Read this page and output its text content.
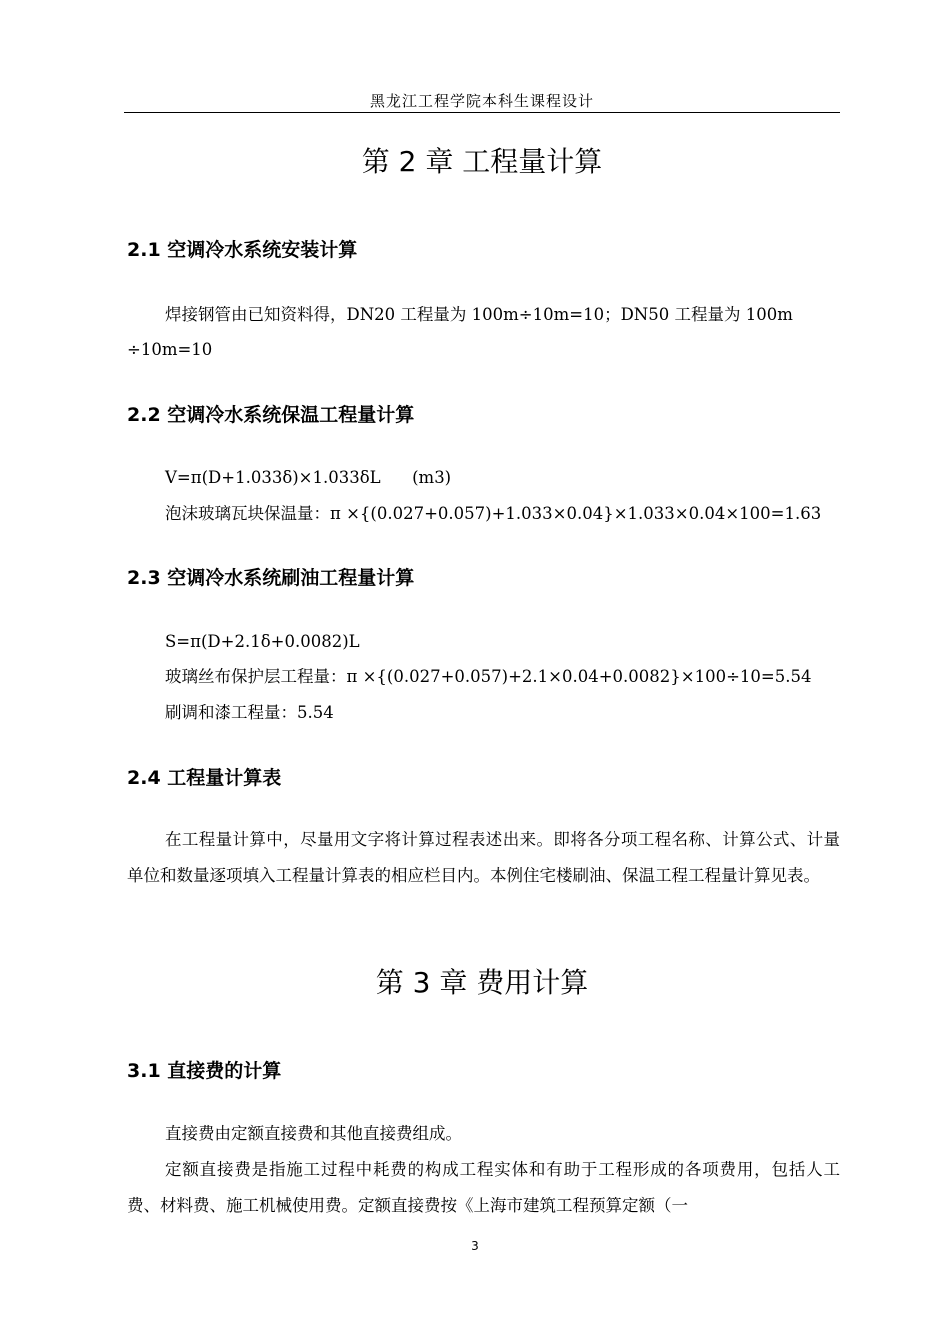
黑龙江工程学院本科生课程设计
第 2 章 工程量计算
2.1 空调冷水系统安装计算
焊接钢管由已知资料得，DN20 工程量为 100m÷10m=10；DN50 工程量为 100m
÷10m=10
2.2 空调冷水系统保温工程量计算
V=π(D+1.033δ)×1.033δL      (m3)
泡沫玻璃瓦块保温量：π ×{(0.027+0.057)+1.033×0.04}×1.033×0.04×100=1.63
2.3 空调冷水系统刷油工程量计算
S=π(D+2.1δ+0.0082)L
玻璃丝布保护层工程量：π ×{(0.027+0.057)+2.1×0.04+0.0082}×100÷10=5.54
刷调和漆工程量：5.54
2.4 工程量计算表

在工程量计算中，尽量用文字将计算过程表述出来。即将各分项工程名称、计算公式、计量单位和数量逐项填入工程量计算表的相应栏目内。本例住宅楼刷油、保温工程工程量计算见表。

第 3 章 费用计算
3.1 直接费的计算

直接费由定额直接费和其他直接费组成。

定额直接费是指施工过程中耗费的构成工程实体和有助于工程形成的各项费用，包括人工费、材料费、施工机械使用费。定额直接费按《上海市建筑工程预算定额（一

3
